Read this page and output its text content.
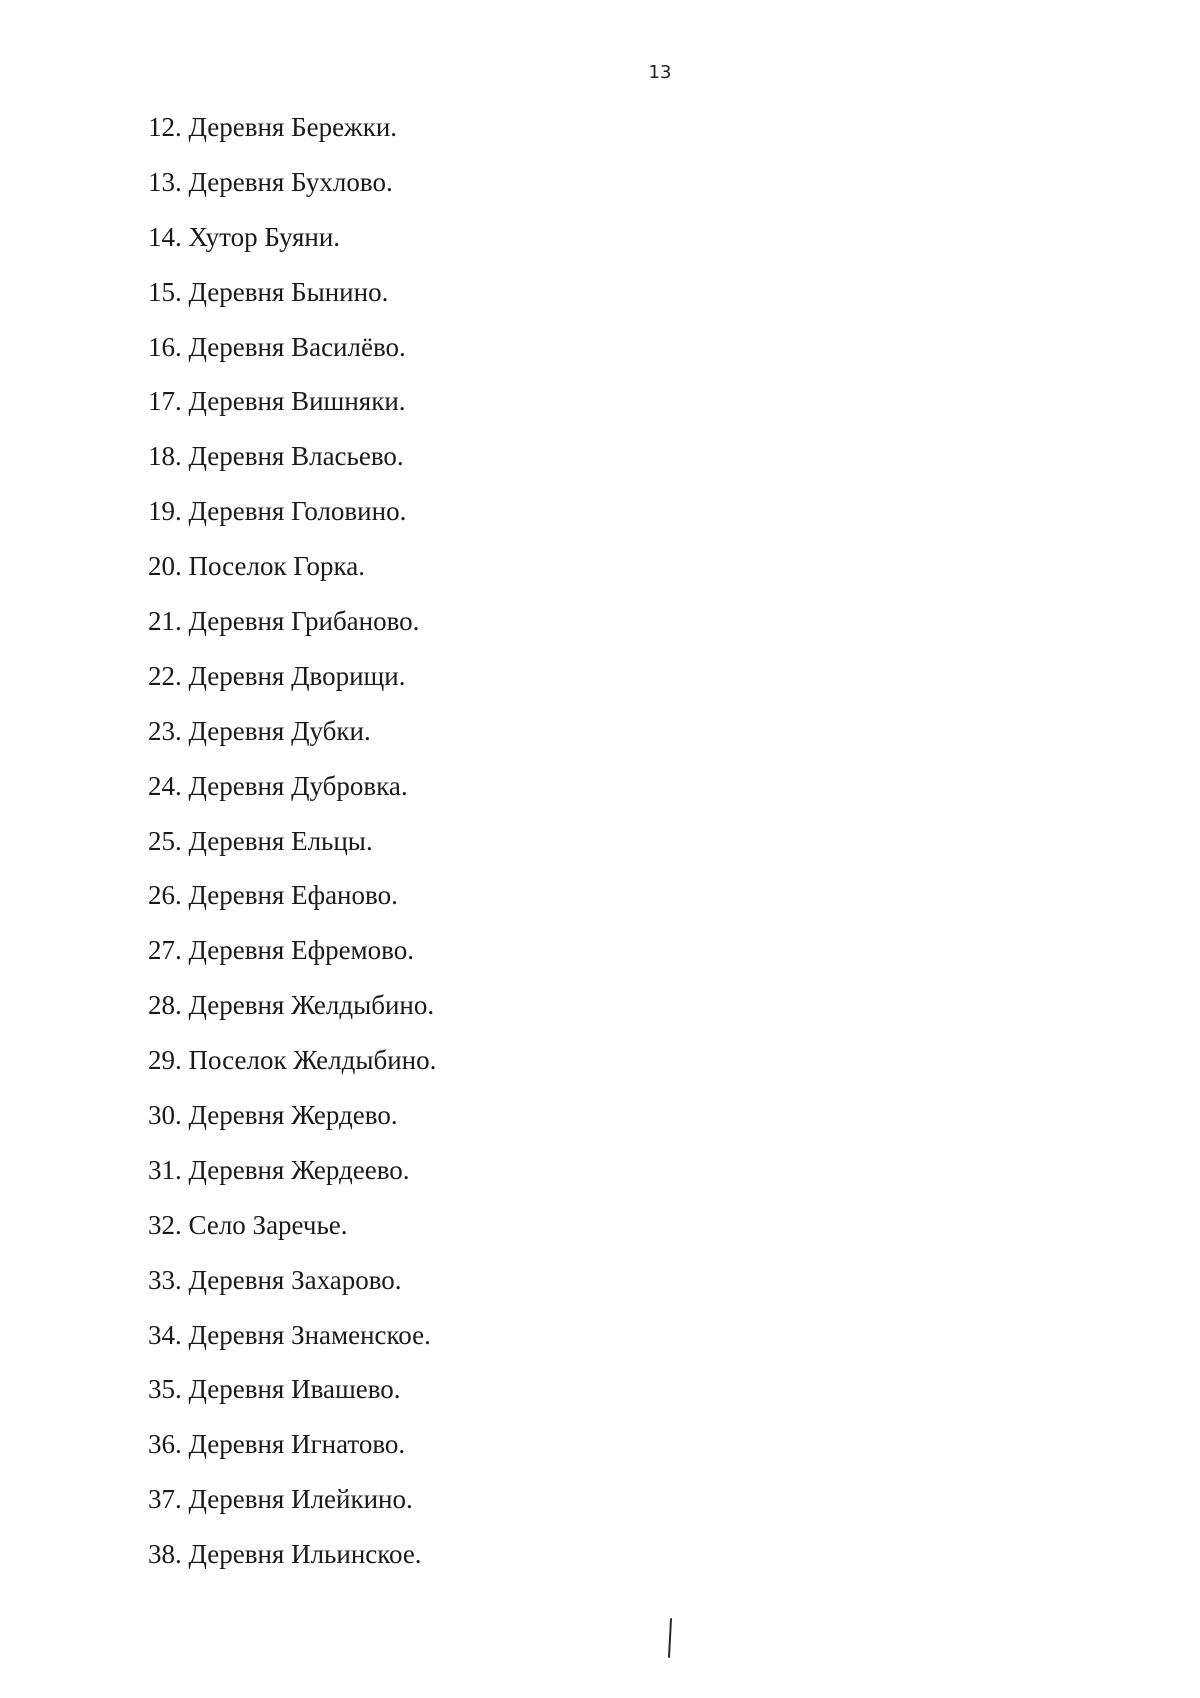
13
12. Деревня Бережки.
13. Деревня Бухлово.
14. Хутор Буяни.
15. Деревня Бынино.
16. Деревня Василёво.
17. Деревня Вишняки.
18. Деревня Власьево.
19. Деревня Головино.
20. Поселок Горка.
21. Деревня Грибаново.
22. Деревня Дворищи.
23. Деревня Дубки.
24. Деревня Дубровка.
25. Деревня Ельцы.
26. Деревня Ефаново.
27. Деревня Ефремово.
28. Деревня Желдыбино.
29. Поселок Желдыбино.
30. Деревня Жердево.
31. Деревня Жердеево.
32. Село Заречье.
33. Деревня Захарово.
34. Деревня Знаменское.
35. Деревня Ивашево.
36. Деревня Игнатово.
37. Деревня Илейкино.
38. Деревня Ильинское.
